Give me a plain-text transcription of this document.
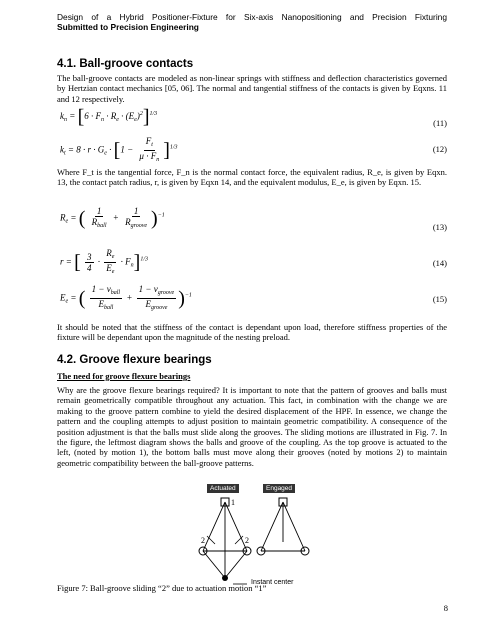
Design of a Hybrid Positioner-Fixture for Six-axis Nanopositioning and Precision Fixturing
Submitted to Precision Engineering
4.1. Ball-groove contacts
The ball-groove contacts are modeled as non-linear springs with stiffness and deflection characteristics governed by Hertzian contact mechanics [05, 06]. The normal and tangential stiffness of the contacts is given by Eqxns. 11 and 12 respectively.
$k_n = [6 \cdot F_n \cdot R_e \cdot (E_e)^2]^{1/3}$
(11)
$k_t = 8 \cdot r \cdot G_e \cdot [1 - \frac{F_t}{\mu \cdot F_n} ]^{1/3}$	(12)
Where F_t is the tangential force, F_n is the normal contact force, the equivalent radius, R_e, is given by Eqxn. 13, the contact patch radius, r, is given by Eqxn 14, and the equivalent modulus, E_e, is given by Eqxn. 15.
$R_e$ = ( $\frac{1}{R_{ball}} + \frac{1}{R_{groove}} )^{-1}$
(13)
r = [ $\frac{3}{4} \cdot \frac{R_e}{E_e} \cdot F_n]^{1/3}$	(14)
$E_e$ = ( $\frac{1 - \nu_{ball}}{E_{ball}} + \frac{1 - \nu_{groove}}{E_{groove}} )^{-1}$	(15)
It should be noted that the stiffness of the contact is dependant upon load, therefore stiffness properties of the fixture will be dependant upon the magnitude of the nesting preload.
4.2. Groove flexure bearings
The need for groove flexure bearings
Why are the groove flexure bearings required? It is important to note that the pattern of grooves and balls must remain geometrically compatible throughout any actuation. This fact, in combination with the change we are making to the groove pattern combine to yield the desired displacement of the HPF. In essence, we change the pattern and the coupling attempts to adjust position to maintain geometric compatibility. A consequence of the position adjustment is that the balls must slide along the grooves. The sliding motions are illustrated in Fig. 7. In the figure, the leftmost diagram shows the balls and groove of the coupling. As the top groove is actuated to the left, (noted by motion 1), the bottom balls must move along their grooves (noted by motions 2) to maintain geometric compatibility between the ball-groove patterns.
Actuated	Engaged
2	2
1
Instant center
Figure 7: Ball-groove sliding “2” due to actuation motion “1”
8
